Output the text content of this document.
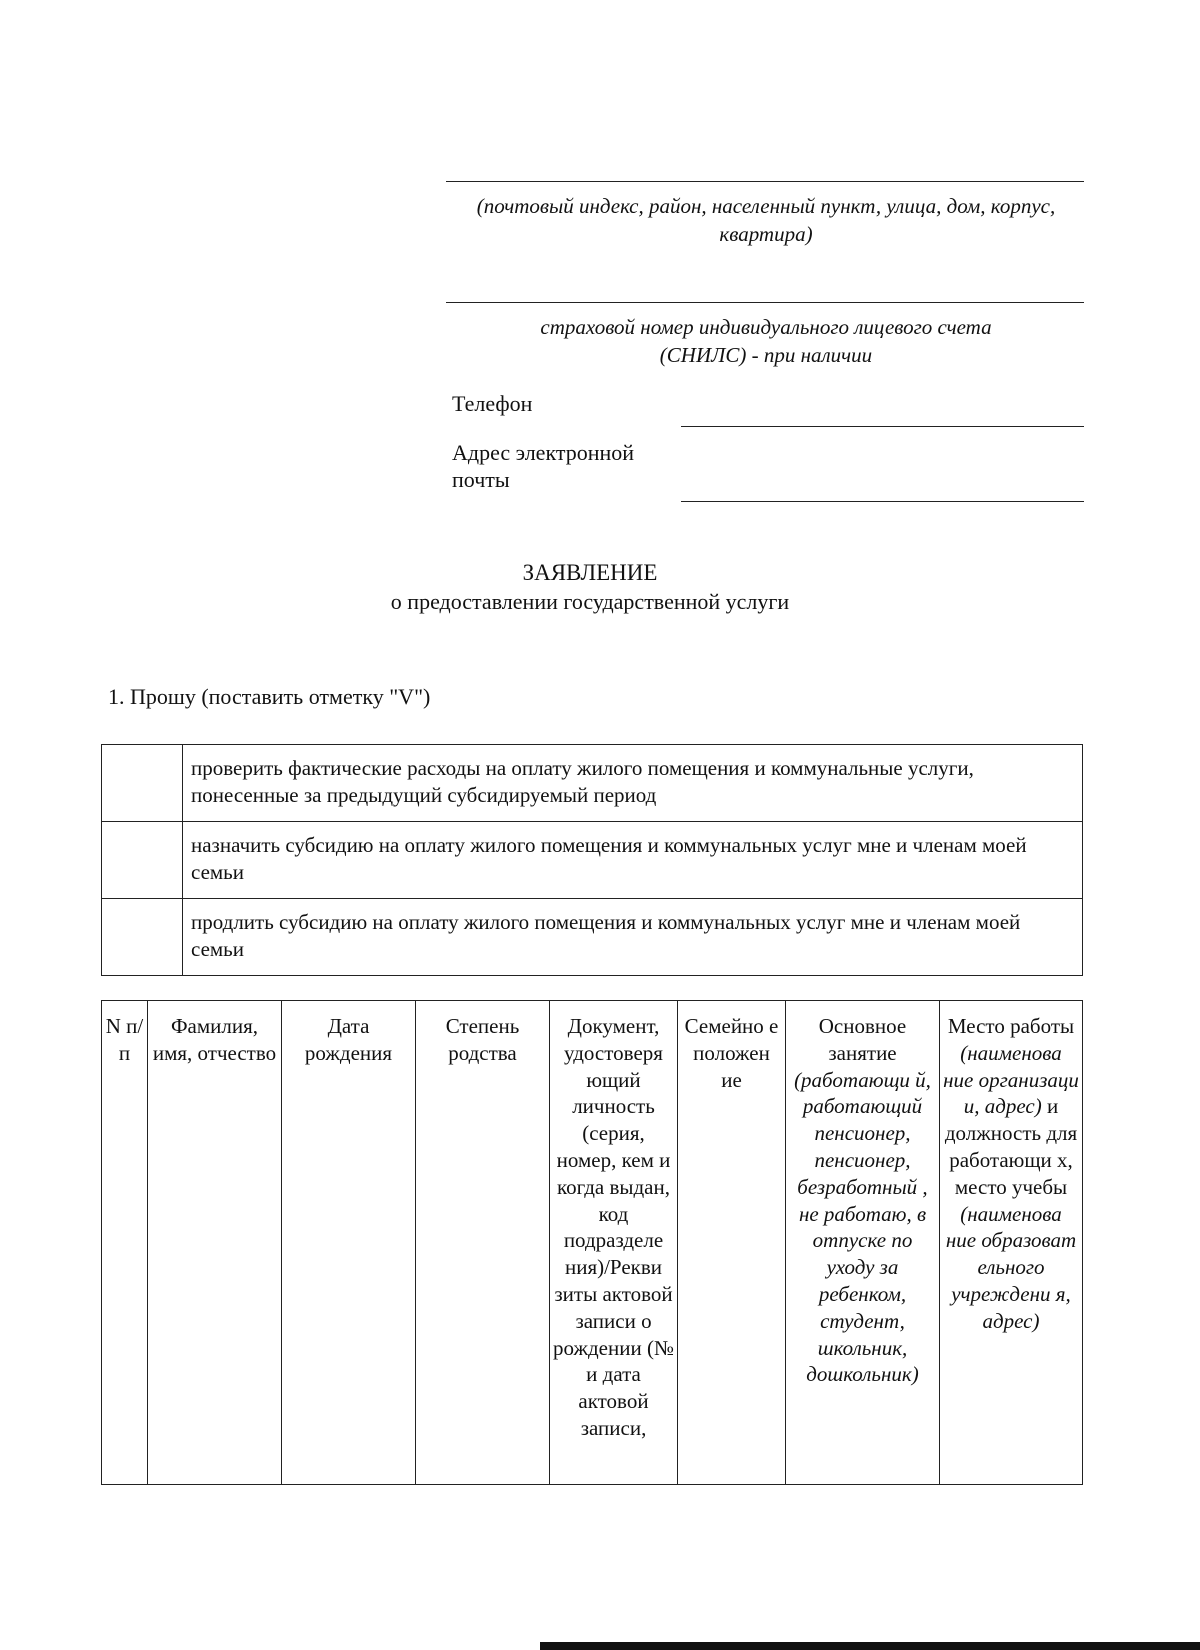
(почтовый индекс, район, населенный пункт, улица, дом, корпус, квартира)
страховой номер индивидуального лицевого счета
(СНИЛС) - при наличии
Телефон
Адрес электронной
почты
ЗАЯВЛЕНИЕ
о предоставлении государственной услуги
1. Прошу (поставить отметку "V")
	проверить фактические расходы на оплату жилого помещения и коммунальные услуги, понесенные за предыдущий субсидируемый период
	назначить субсидию на оплату жилого помещения и коммунальных услуг мне и членам моей семьи
	продлить субсидию на оплату жилого помещения и коммунальных услуг мне и членам моей семьи
N п/п	Фамилия, имя, отчество	Дата рождения	Степень родства	Документ, удостоверя ющий личность (серия, номер, кем и когда выдан, код подразделе ния)/Рекви зиты актовой записи о рождении (№ и дата актовой записи,	Семейно е положен ие	Основное занятие (работающи й, работающий пенсионер, пенсионер, безработный , не работаю, в отпуске по уходу за ребенком, студент, школьник, дошкольник)	Место работы (наименова ние организаци и, адрес) и должность для работающи х, место учебы (наименова ние образоват ельного учреждени я, адрес)
